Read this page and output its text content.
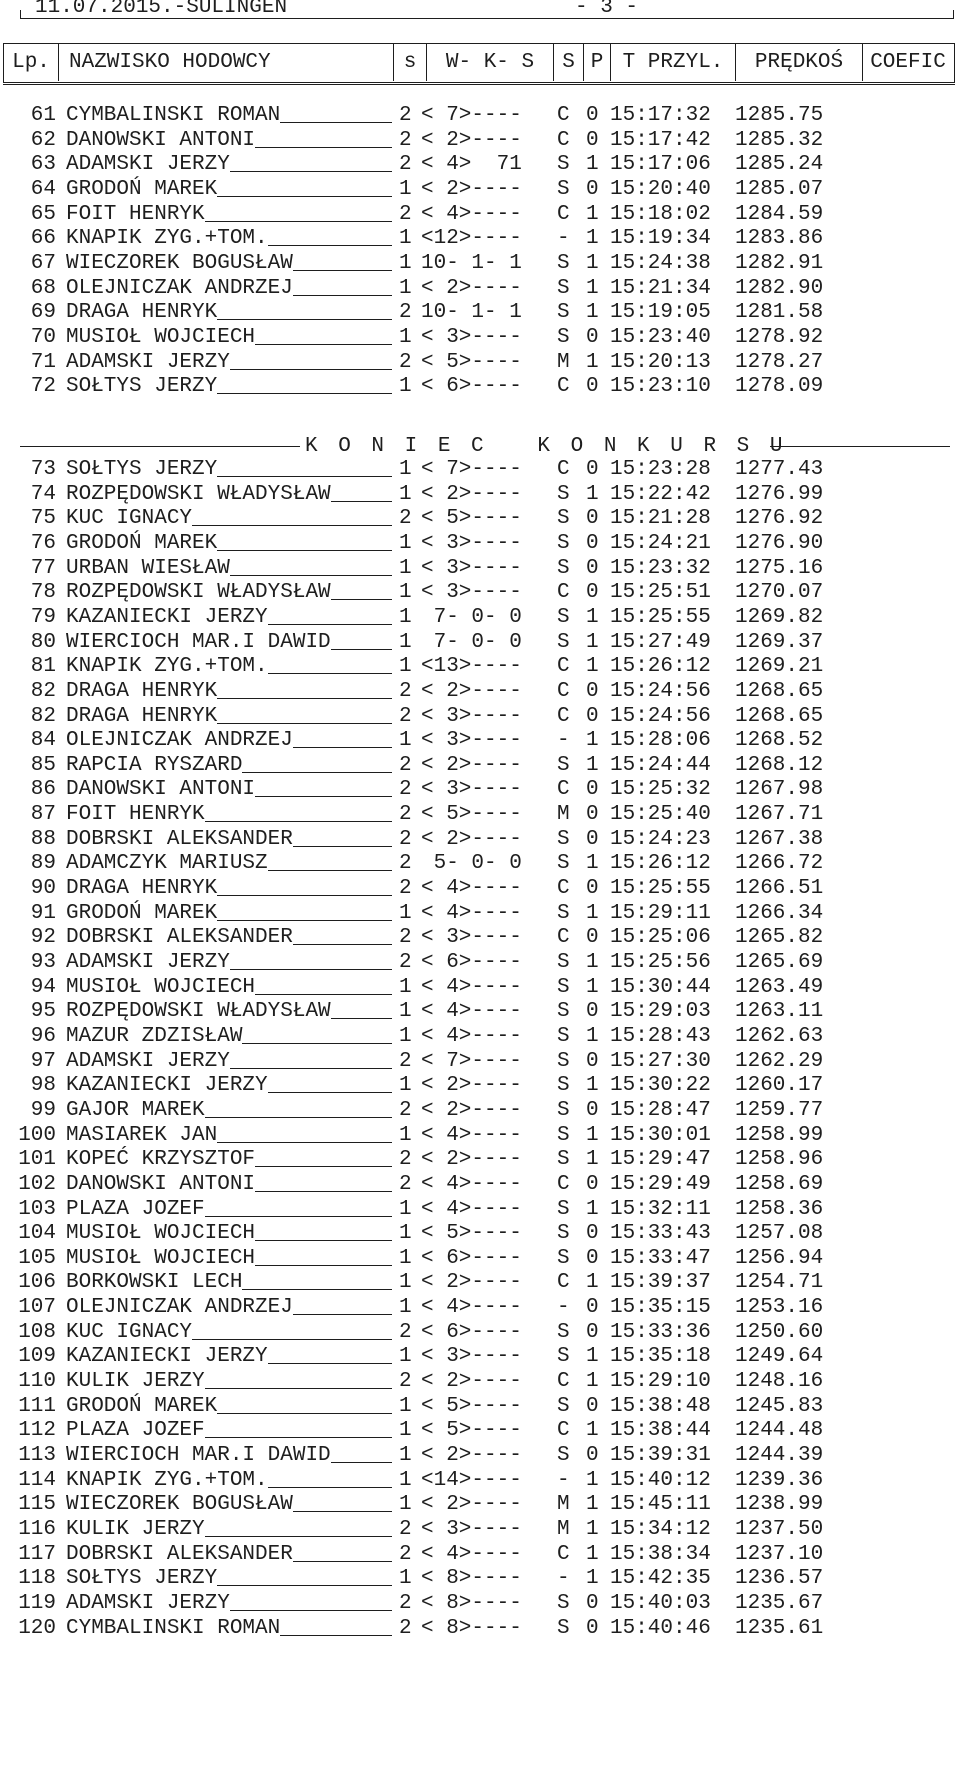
11.07.2015.-SULINGEN	- 3 -
Lp. NAZWISKO HODOWCY	s	W- K- S	S P T PRZYL.	PRĘDKOŚ	COEFIC
61 CYMBALINSKI ROMAN	2 < 7>---- C 0 15:17:32 1285.75
62 DANOWSKI ANTONI	2 < 2>---- C 0 15:17:42 1285.32
63 ADAMSKI JERZY	2 < 4>  71 S 1 15:17:06 1285.24
64 GRODOŃ MAREK	1 < 2>---- S 0 15:20:40 1285.07
65 FOIT HENRYK	2 < 4>---- C 1 15:18:02 1284.59
66 KNAPIK ZYG.+TOM.	1 <12>---- - 1 15:19:34 1283.86
67 WIECZOREK BOGUSŁAW	1 10- 1- 1 S 1 15:24:38 1282.91
68 OLEJNICZAK ANDRZEJ	1 < 2>---- S 1 15:21:34 1282.90
69 DRAGA HENRYK	2 10- 1- 1 S 1 15:19:05 1281.58
70 MUSIOŁ WOJCIECH	1 < 3>---- S 0 15:23:40 1278.92
71 ADAMSKI JERZY	2 < 5>---- M 1 15:20:13 1278.27
72 SOŁTYS JERZY	1 < 6>---- C 0 15:23:10 1278.09
73 SOŁTYS JERZY	1 < 7>---- C 0 15:23:28 1277.43
74 ROZPĘDOWSKI WŁADYSŁAW	1 < 2>---- S 1 15:22:42 1276.99
75 KUC IGNACY	2 < 5>---- S 0 15:21:28 1276.92
76 GRODOŃ MAREK	1 < 3>---- S 0 15:24:21 1276.90
77 URBAN WIESŁAW	1 < 3>---- S 0 15:23:32 1275.16
78 ROZPĘDOWSKI WŁADYSŁAW	1 < 3>---- C 0 15:25:51 1270.07
79 KAZANIECKI JERZY	1 7- 0- 0 S 1 15:25:55 1269.82
80 WIERCIOCH MAR.I DAWID	1 7- 0- 0 S 1 15:27:49 1269.37
81 KNAPIK ZYG.+TOM.	1 <13>---- C 1 15:26:12 1269.21
82 DRAGA HENRYK	2 < 2>---- C 0 15:24:56 1268.65
82 DRAGA HENRYK	2 < 3>---- C 0 15:24:56 1268.65
84 OLEJNICZAK ANDRZEJ	1 < 3>---- - 1 15:28:06 1268.52
85 RAPCIA RYSZARD	2 < 2>---- S 1 15:24:44 1268.12
86 DANOWSKI ANTONI	2 < 3>---- C 0 15:25:32 1267.98
87 FOIT HENRYK	2 < 5>---- M 0 15:25:40 1267.71
88 DOBRSKI ALEKSANDER	2 < 2>---- S 0 15:24:23 1267.38
89 ADAMCZYK MARIUSZ	2 5- 0- 0 S 1 15:26:12 1266.72
90 DRAGA HENRYK	2 < 4>---- C 0 15:25:55 1266.51
91 GRODOŃ MAREK	1 < 4>---- S 1 15:29:11 1266.34
92 DOBRSKI ALEKSANDER	2 < 3>---- C 0 15:25:06 1265.82
93 ADAMSKI JERZY	2 < 6>---- S 1 15:25:56 1265.69
94 MUSIOŁ WOJCIECH	1 < 4>---- S 1 15:30:44 1263.49
95 ROZPĘDOWSKI WŁADYSŁAW	1 < 4>---- S 0 15:29:03 1263.11
96 MAZUR ZDZISŁAW	1 < 4>---- S 1 15:28:43 1262.63
97 ADAMSKI JERZY	2 < 7>---- S 0 15:27:30 1262.29
98 KAZANIECKI JERZY	1 < 2>---- S 1 15:30:22 1260.17
99 GAJOR MAREK	2 < 2>---- S 0 15:28:47 1259.77
100 MASIAREK JAN	1 < 4>---- S 1 15:30:01 1258.99
101 KOPEĆ KRZYSZTOF	2 < 2>---- S 1 15:29:47 1258.96
102 DANOWSKI ANTONI	2 < 4>---- C 0 15:29:49 1258.69
103 PLAZA JOZEF	1 < 4>---- S 1 15:32:11 1258.36
104 MUSIOŁ WOJCIECH	1 < 5>---- S 0 15:33:43 1257.08
105 MUSIOŁ WOJCIECH	1 < 6>---- S 0 15:33:47 1256.94
106 BORKOWSKI LECH	1 < 2>---- C 1 15:39:37 1254.71
107 OLEJNICZAK ANDRZEJ	1 < 4>---- - 0 15:35:15 1253.16
108 KUC IGNACY	2 < 6>---- S 0 15:33:36 1250.60
109 KAZANIECKI JERZY	1 < 3>---- S 1 15:35:18 1249.64
110 KULIK JERZY	2 < 2>---- C 1 15:29:10 1248.16
111 GRODOŃ MAREK	1 < 5>---- S 0 15:38:48 1245.83
112 PLAZA JOZEF	1 < 5>---- C 1 15:38:44 1244.48
113 WIERCIOCH MAR.I DAWID	1 < 2>---- S 0 15:39:31 1244.39
114 KNAPIK ZYG.+TOM.	1 <14>---- - 1 15:40:12 1239.36
115 WIECZOREK BOGUSŁAW	1 < 2>---- M 1 15:45:11 1238.99
116 KULIK JERZY	2 < 3>---- M 1 15:34:12 1237.50
117 DOBRSKI ALEKSANDER	2 < 4>---- C 1 15:38:34 1237.10
118 SOŁTYS JERZY	1 < 8>---- - 1 15:42:35 1236.57
119 ADAMSKI JERZY	2 < 8>---- S 0 15:40:03 1235.67
120 CYMBALINSKI ROMAN	2 < 8>---- S 0 15:40:46 1235.61
K O N I E C   K O N K U R S U
